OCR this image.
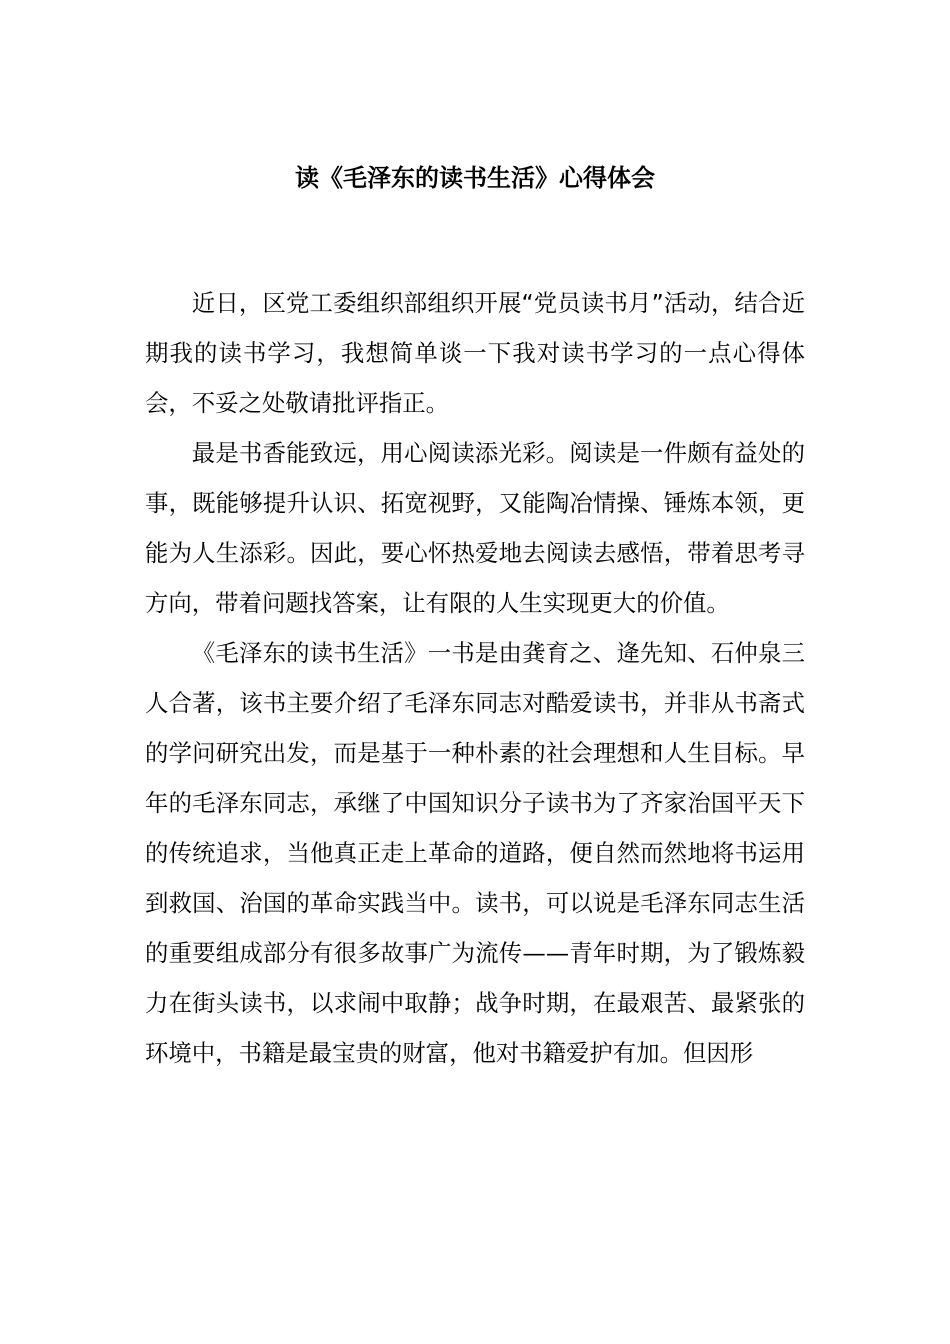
读《毛泽东的读书生活》心得体会

近日，区党工委组织部组织开展“党员读书月”活动，结合近期我的读书学习，我想简单谈一下我对读书学习的一点心得体会，不妥之处敬请批评指正。

最是书香能致远，用心阅读添光彩。阅读是一件颇有益处的事，既能够提升认识、拓宽视野，又能陶冶情操、锤炼本领，更能为人生添彩。因此，要心怀热爱地去阅读去感悟，带着思考寻方向，带着问题找答案，让有限的人生实现更大的价值。

《毛泽东的读书生活》一书是由龚育之、逄先知、石仲泉三人合著，该书主要介绍了毛泽东同志对酷爱读书，并非从书斋式的学问研究出发，而是基于一种朴素的社会理想和人生目标。早年的毛泽东同志，承继了中国知识分子读书为了齐家治国平天下的传统追求，当他真正走上革命的道路，便自然而然地将书运用到救国、治国的革命实践当中。读书，可以说是毛泽东同志生活的重要组成部分有很多故事广为流传——青年时期，为了锻炼毅力在街头读书，以求闹中取静；战争时期，在最艰苦、最紧张的环境中，书籍是最宝贵的财富，他对书籍爱护有加。但因形
